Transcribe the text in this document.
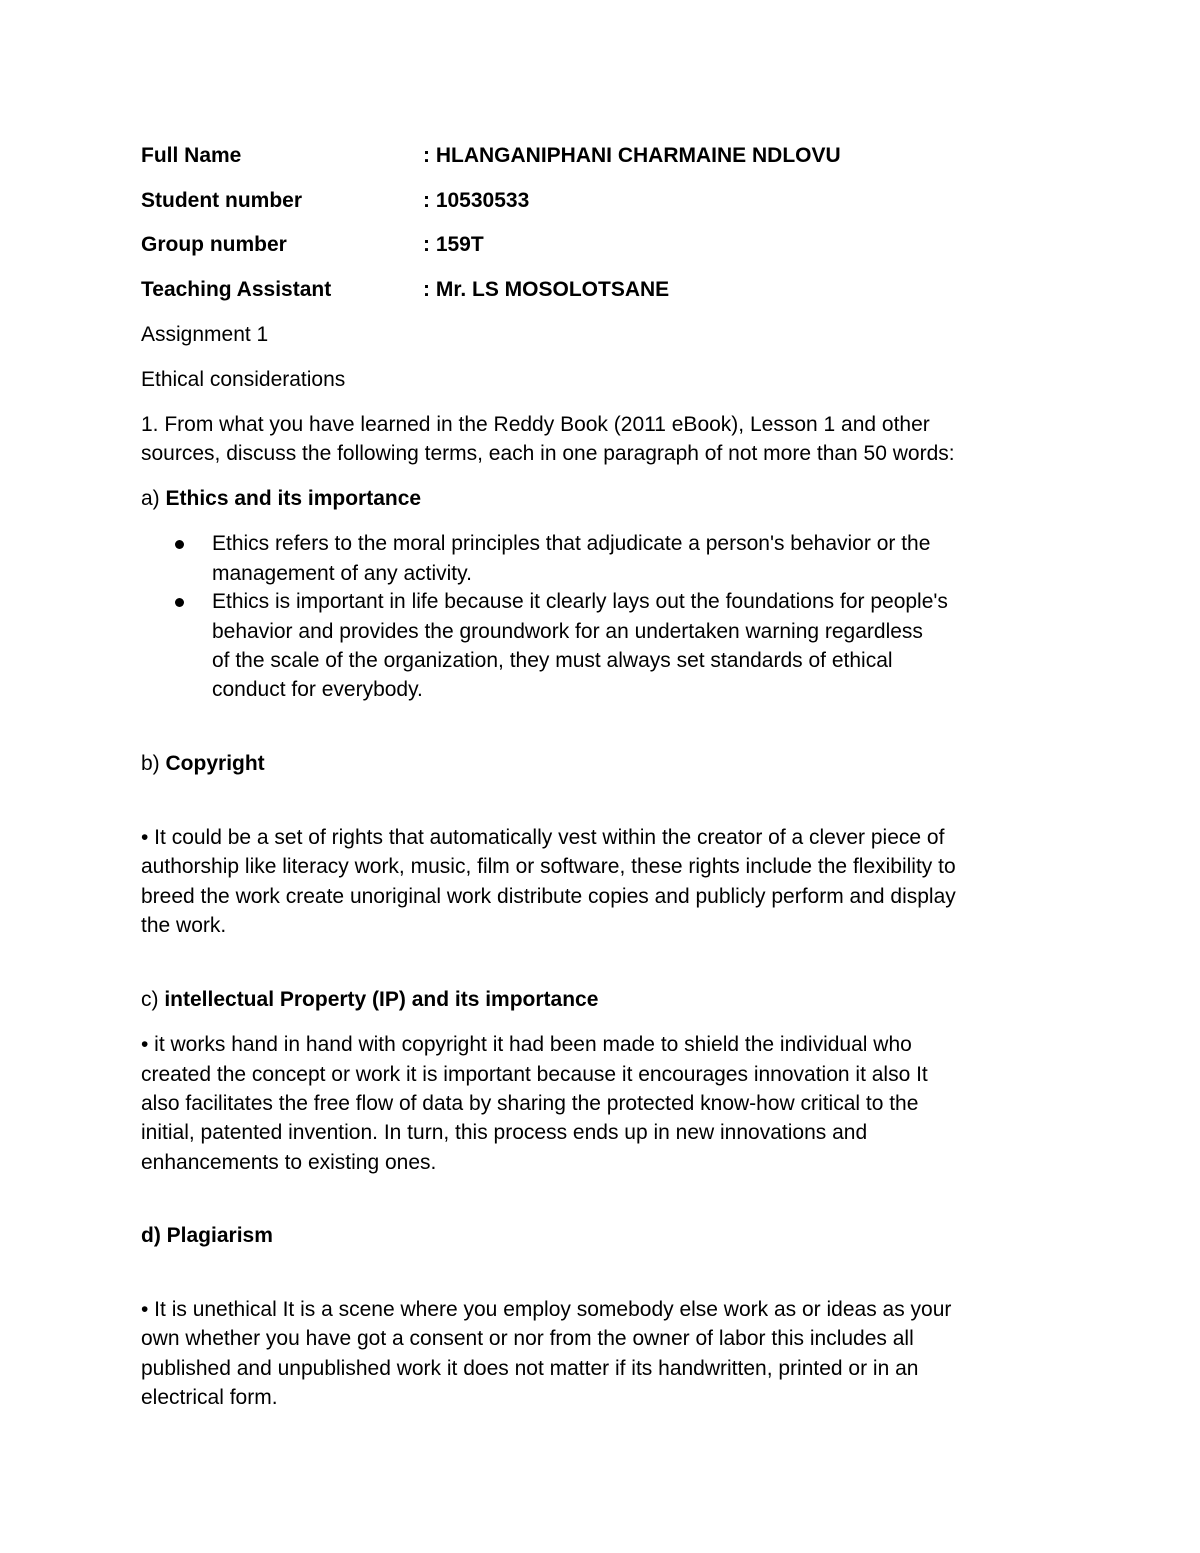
Full Name	: HLANGANIPHANI CHARMAINE NDLOVU
Student number	: 10530533
Group number	: 159T
Teaching Assistant	: Mr. LS MOSOLOTSANE
Assignment 1
Ethical considerations
1. From what you have learned in the Reddy Book (2011 eBook), Lesson 1 and other
sources, discuss the following terms, each in one paragraph of not more than 50 words:
a) Ethics and its importance
Ethics refers to the moral principles that adjudicate a person's behavior or the
management of any activity.
Ethics is important in life because it clearly lays out the foundations for people's
behavior and provides the groundwork for an undertaken warning regardless
of the scale of the organization, they must always set standards of ethical
conduct for everybody.
b) Copyright
• It could be a set of rights that automatically vest within the creator of a clever piece of
authorship like literacy work, music, film or software, these rights include the flexibility to
breed the work create unoriginal work distribute copies and publicly perform and display
the work.
c) intellectual Property (IP) and its importance
• it works hand in hand with copyright it had been made to shield the individual who
created the concept or work it is important because it encourages innovation it also It
also facilitates the free flow of data by sharing the protected know-how critical to the
initial, patented invention. In turn, this process ends up in new innovations and
enhancements to existing ones.
d) Plagiarism
• It is unethical It is a scene where you employ somebody else work as or ideas as your
own whether you have got a consent or nor from the owner of labor this includes all
published and unpublished work it does not matter if its handwritten, printed or in an
electrical form.
